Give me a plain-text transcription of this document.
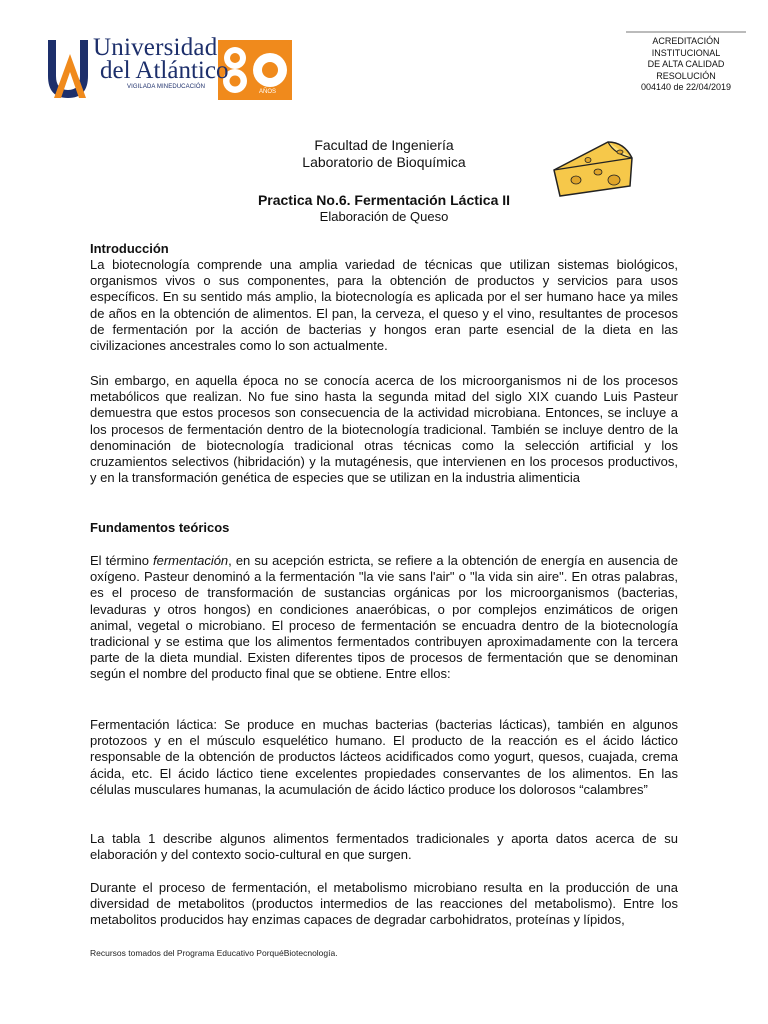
Universidad
del Atlántico
VIGILADA MINEDUCACIÓN
AÑOS
ACREDITACIÓN
INSTITUCIONAL
DE ALTA CALIDAD
RESOLUCIÓN
004140 de 22/04/2019
Facultad de Ingeniería
Laboratorio de Bioquímica
Practica No.6. Fermentación Láctica II
Elaboración de Queso
Introducción
La biotecnología comprende una amplia variedad de técnicas que utilizan sistemas biológicos, organismos vivos o sus componentes, para la obtención de productos y servicios para usos específicos. En su sentido más amplio, la biotecnología es aplicada por el ser humano hace ya miles de años en la obtención de alimentos. El pan, la cerveza, el queso y el vino, resultantes de procesos de fermentación por la acción de bacterias y hongos eran parte esencial de la dieta en las civilizaciones ancestrales como lo son actualmente.
Sin embargo, en aquella época no se conocía acerca de los microorganismos ni de los procesos metabólicos que realizan. No fue sino hasta la segunda mitad del siglo XIX cuando Luis Pasteur demuestra que estos procesos son consecuencia de la actividad microbiana. Entonces, se incluye a los procesos de fermentación dentro de la biotecnología tradicional. También se incluye dentro de la denominación de biotecnología tradicional otras técnicas como la selección artificial y los cruzamientos selectivos (hibridación) y la mutagénesis, que intervienen en los procesos productivos, y en la transformación genética de especies que se utilizan en la industria alimenticia
Fundamentos teóricos
El término fermentación, en su acepción estricta, se refiere a la obtención de energía en ausencia de oxígeno. Pasteur denominó a la fermentación "la vie sans l'air" o "la vida sin aire". En otras palabras, es el proceso de transformación de sustancias orgánicas por los microorganismos (bacterias, levaduras y otros hongos) en condiciones anaeróbicas, o por complejos enzimáticos de origen animal, vegetal o microbiano. El proceso de fermentación se encuadra dentro de la biotecnología tradicional y se estima que los alimentos fermentados contribuyen aproximadamente con la tercera parte de la dieta mundial. Existen diferentes tipos de procesos de fermentación que se denominan según el nombre del producto final que se obtiene. Entre ellos:
Fermentación láctica: Se produce en muchas bacterias (bacterias lácticas), también en algunos protozoos y en el músculo esquelético humano. El producto de la reacción es el ácido láctico responsable de la obtención de productos lácteos acidificados como yogurt, quesos, cuajada, crema ácida, etc. El ácido láctico tiene excelentes propiedades conservantes de los alimentos. En las células musculares humanas, la acumulación de ácido láctico produce los dolorosos “calambres”
La tabla 1 describe algunos alimentos fermentados tradicionales y aporta datos acerca de su elaboración y del contexto socio-cultural en que surgen.
Durante el proceso de fermentación, el metabolismo microbiano resulta en la producción de una diversidad de metabolitos (productos intermedios de las reacciones del metabolismo). Entre los metabolitos producidos hay enzimas capaces de degradar carbohidratos, proteínas y lípidos,
Recursos tomados del Programa Educativo PorquéBiotecnología.
